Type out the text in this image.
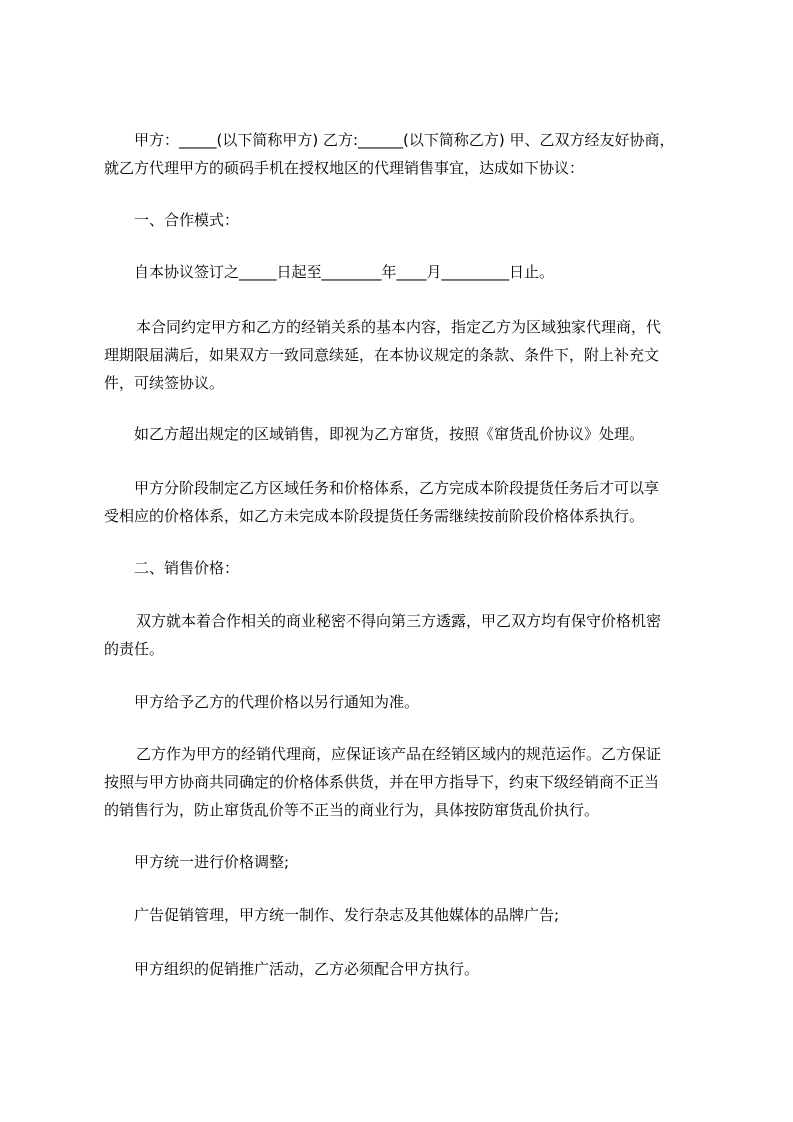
甲方：_____(以下简称甲方) 乙方:______(以下简称乙方) 甲、乙双方经友好协商，
就乙方代理甲方的硕码手机在授权地区的代理销售事宜，达成如下协议：

一、合作模式：

自本协议签订之_____日起至________年____月_________日止。

本合同约定甲方和乙方的经销关系的基本内容，指定乙方为区域独家代理商，代
理期限届满后，如果双方一致同意续延，在本协议规定的条款、条件下，附上补充文
件，可续签协议。

如乙方超出规定的区域销售，即视为乙方窜货，按照《窜货乱价协议》处理。

甲方分阶段制定乙方区域任务和价格体系，乙方完成本阶段提货任务后才可以享
受相应的价格体系，如乙方未完成本阶段提货任务需继续按前阶段价格体系执行。

二、销售价格：

双方就本着合作相关的商业秘密不得向第三方透露，甲乙双方均有保守价格机密
的责任。

甲方给予乙方的代理价格以另行通知为准。

乙方作为甲方的经销代理商，应保证该产品在经销区域内的规范运作。乙方保证
按照与甲方协商共同确定的价格体系供货，并在甲方指导下，约束下级经销商不正当
的销售行为，防止窜货乱价等不正当的商业行为，具体按防窜货乱价执行。

甲方统一进行价格调整;

广告促销管理，甲方统一制作、发行杂志及其他媒体的品牌广告;

甲方组织的促销推广活动，乙方必须配合甲方执行。
